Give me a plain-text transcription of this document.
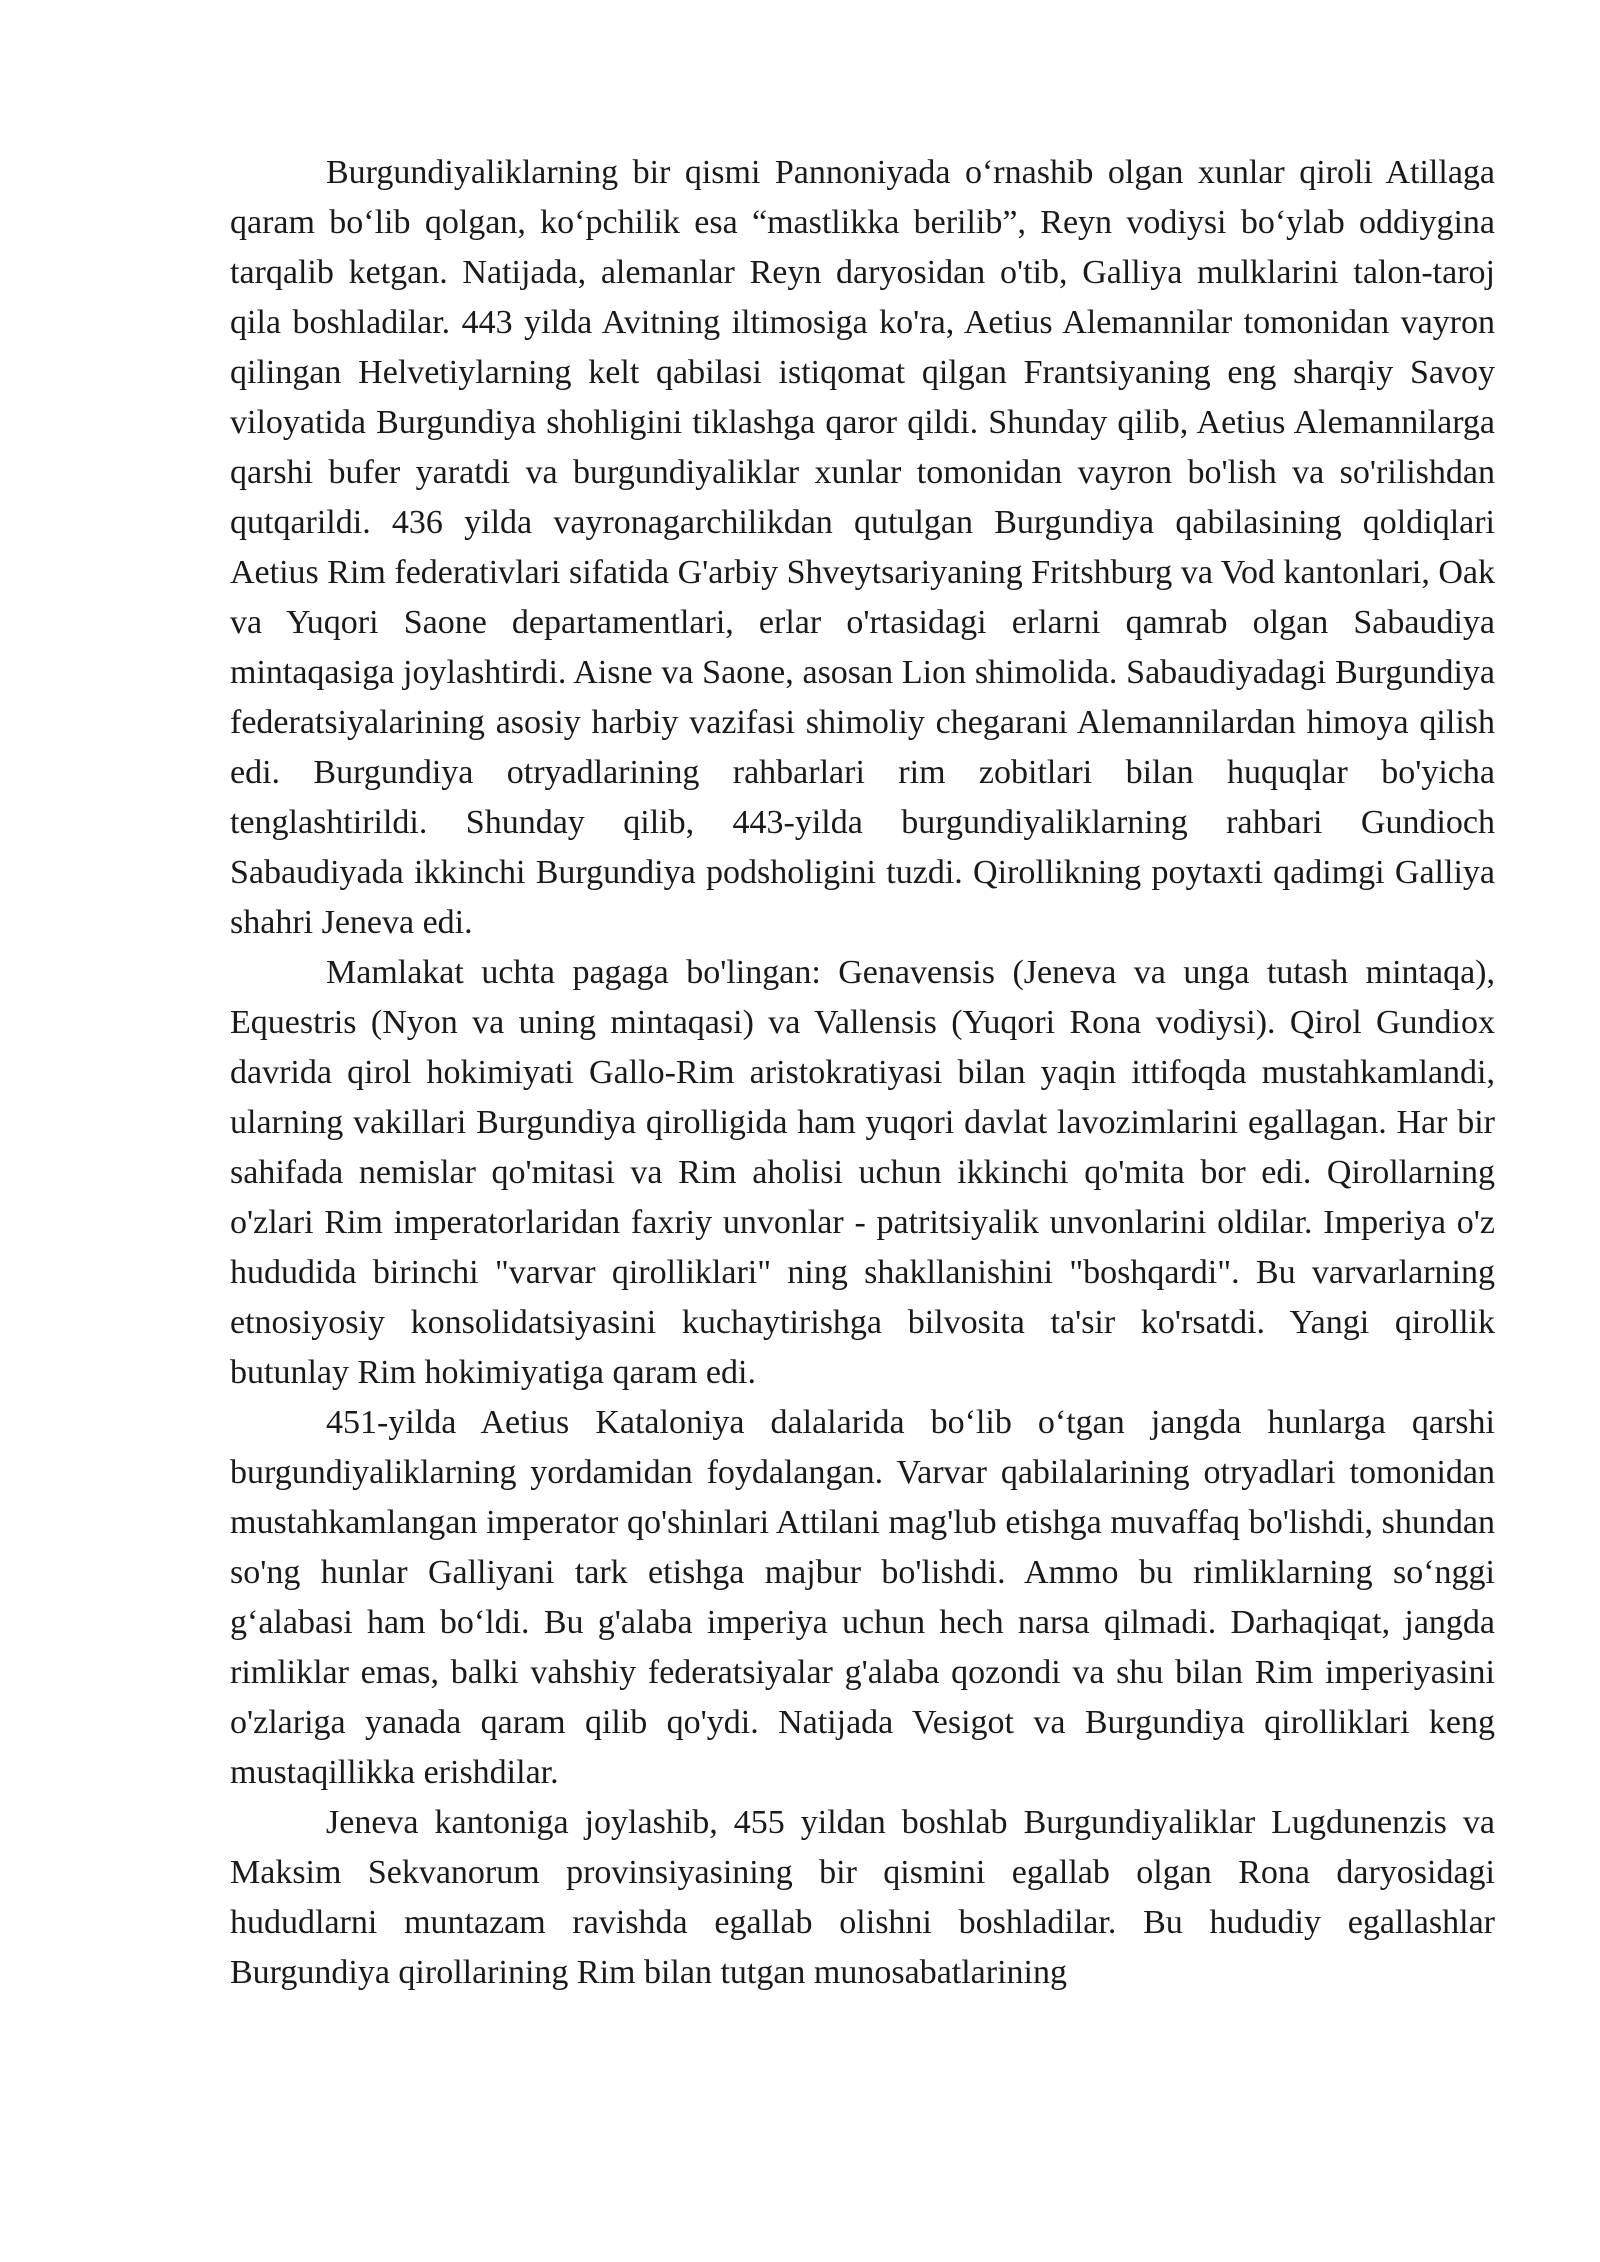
Burgundiyaliklarning bir qismi Pannoniyada o‘rnashib olgan xunlar qiroli Atillaga qaram bo‘lib qolgan, ko‘pchilik esa “mastlikka berilib”, Reyn vodiysi bo‘ylab oddiygina tarqalib ketgan. Natijada, alemanlar Reyn daryosidan o'tib, Galliya mulklarini talon-taroj qila boshladilar. 443 yilda Avitning iltimosiga ko'ra, Aetius Alemannilar tomonidan vayron qilingan Helvetiylarning kelt qabilasi istiqomat qilgan Frantsiyaning eng sharqiy Savoy viloyatida Burgundiya shohligini tiklashga qaror qildi. Shunday qilib, Aetius Alemannilarga qarshi bufer yaratdi va burgundiyaliklar xunlar tomonidan vayron bo'lish va so'rilishdan qutqarildi. 436 yilda vayronagarchilikdan qutulgan Burgundiya qabilasining qoldiqlari Aetius Rim federativlari sifatida G'arbiy Shveytsariyaning Fritshburg va Vod kantonlari, Oak va Yuqori Saone departamentlari, erlar o'rtasidagi erlarni qamrab olgan Sabaudiya mintaqasiga joylashtirdi. Aisne va Saone, asosan Lion shimolida. Sabaudiyadagi Burgundiya federatsiyalarining asosiy harbiy vazifasi shimoliy chegarani Alemannilardan himoya qilish edi. Burgundiya otryadlarining rahbarlari rim zobitlari bilan huquqlar bo'yicha tenglashtirildi. Shunday qilib, 443-yilda burgundiyaliklarning rahbari Gundioch Sabaudiyada ikkinchi Burgundiya podsholigini tuzdi. Qirollikning poytaxti qadimgi Galliya shahri Jeneva edi.

Mamlakat uchta pagaga bo'lingan: Genavensis (Jeneva va unga tutash mintaqa), Equestris (Nyon va uning mintaqasi) va Vallensis (Yuqori Rona vodiysi). Qirol Gundiox davrida qirol hokimiyati Gallo-Rim aristokratiyasi bilan yaqin ittifoqda mustahkamlandi, ularning vakillari Burgundiya qirolligida ham yuqori davlat lavozimlarini egallagan. Har bir sahifada nemislar qo'mitasi va Rim aholisi uchun ikkinchi qo'mita bor edi. Qirollarning o'zlari Rim imperatorlaridan faxriy unvonlar - patritsiyalik unvonlarini oldilar. Imperiya o'z hududida birinchi "varvar qirolliklari" ning shakllanishini "boshqardi". Bu varvarlarning etnosiyosiy konsolidatsiyasini kuchaytirishga bilvosita ta'sir ko'rsatdi. Yangi qirollik butunlay Rim hokimiyatiga qaram edi.

451-yilda Aetius Kataloniya dalalarida bo‘lib o‘tgan jangda hunlarga qarshi burgundiyaliklarning yordamidan foydalangan. Varvar qabilalarining otryadlari tomonidan mustahkamlangan imperator qo'shinlari Attilani mag'lub etishga muvaffaq bo'lishdi, shundan so'ng hunlar Galliyani tark etishga majbur bo'lishdi. Ammo bu rimliklarning so‘nggi g‘alabasi ham bo‘ldi. Bu g'alaba imperiya uchun hech narsa qilmadi. Darhaqiqat, jangda rimliklar emas, balki vahshiy federatsiyalar g'alaba qozondi va shu bilan Rim imperiyasini o'zlariga yanada qaram qilib qo'ydi. Natijada Vesigot va Burgundiya qirolliklari keng mustaqillikka erishdilar.

Jeneva kantoniga joylashib, 455 yildan boshlab Burgundiyaliklar Lugdunenzis va Maksim Sekvanorum provinsiyasining bir qismini egallab olgan Rona daryosidagi hududlarni muntazam ravishda egallab olishni boshladilar. Bu hududiy egallashlar Burgundiya qirollarining Rim bilan tutgan munosabatlarining
